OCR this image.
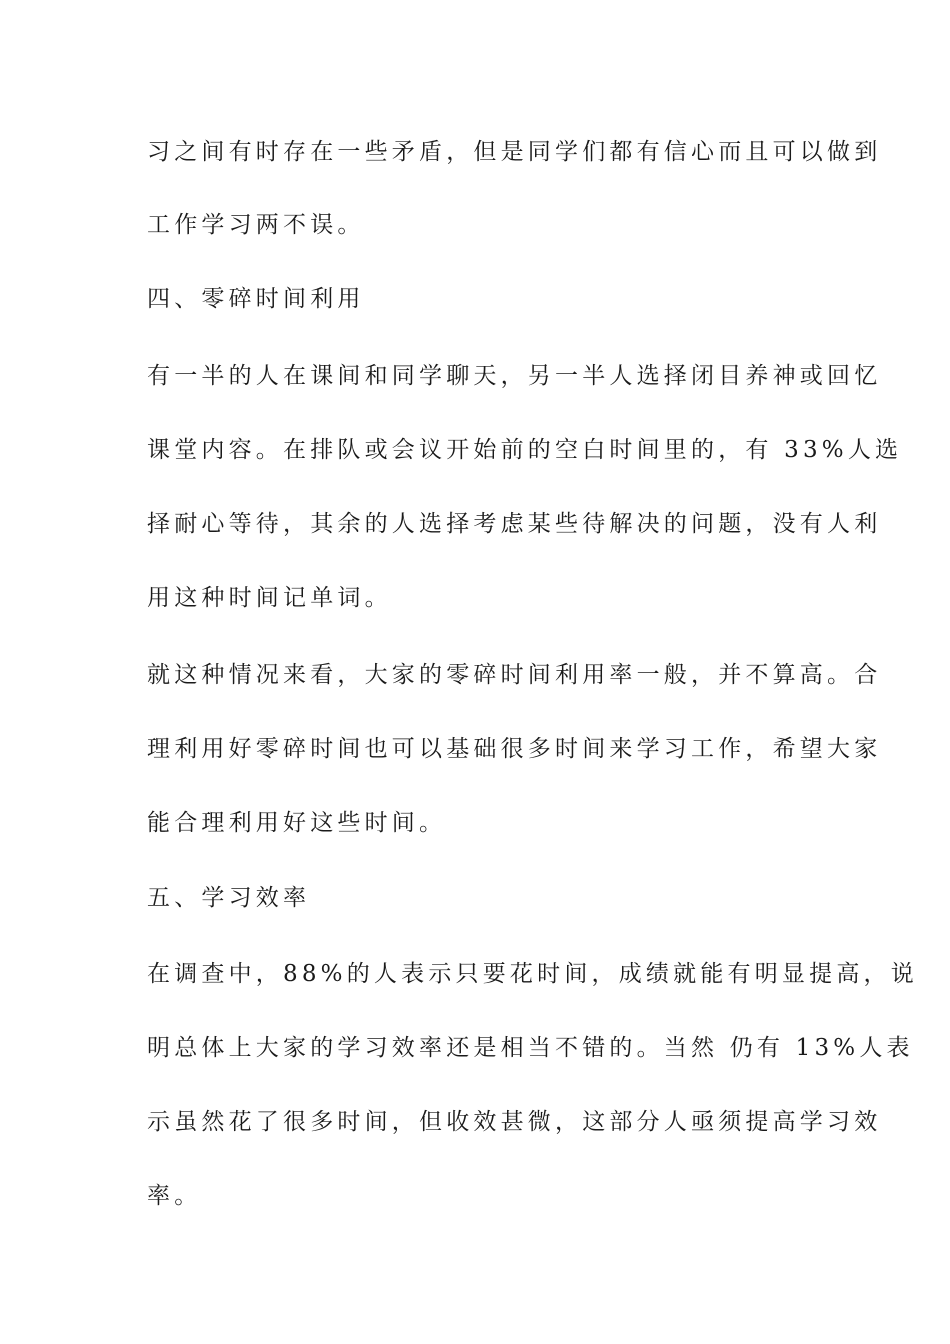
习之间有时存在一些矛盾，但是同学们都有信心而且可以做到
工作学习两不误。
四、零碎时间利用
有一半的人在课间和同学聊天，另一半人选择闭目养神或回忆
课堂内容。在排队或会议开始前的空白时间里的，有 33%人选
择耐心等待，其余的人选择考虑某些待解决的问题，没有人利
用这种时间记单词。
就这种情况来看，大家的零碎时间利用率一般，并不算高。合
理利用好零碎时间也可以基础很多时间来学习工作，希望大家
能合理利用好这些时间。
五、学习效率
在调查中，88%的人表示只要花时间，成绩就能有明显提高，说
明总体上大家的学习效率还是相当不错的。当然 仍有 13%人表
示虽然花了很多时间，但收效甚微，这部分人亟须提高学习效
率。
